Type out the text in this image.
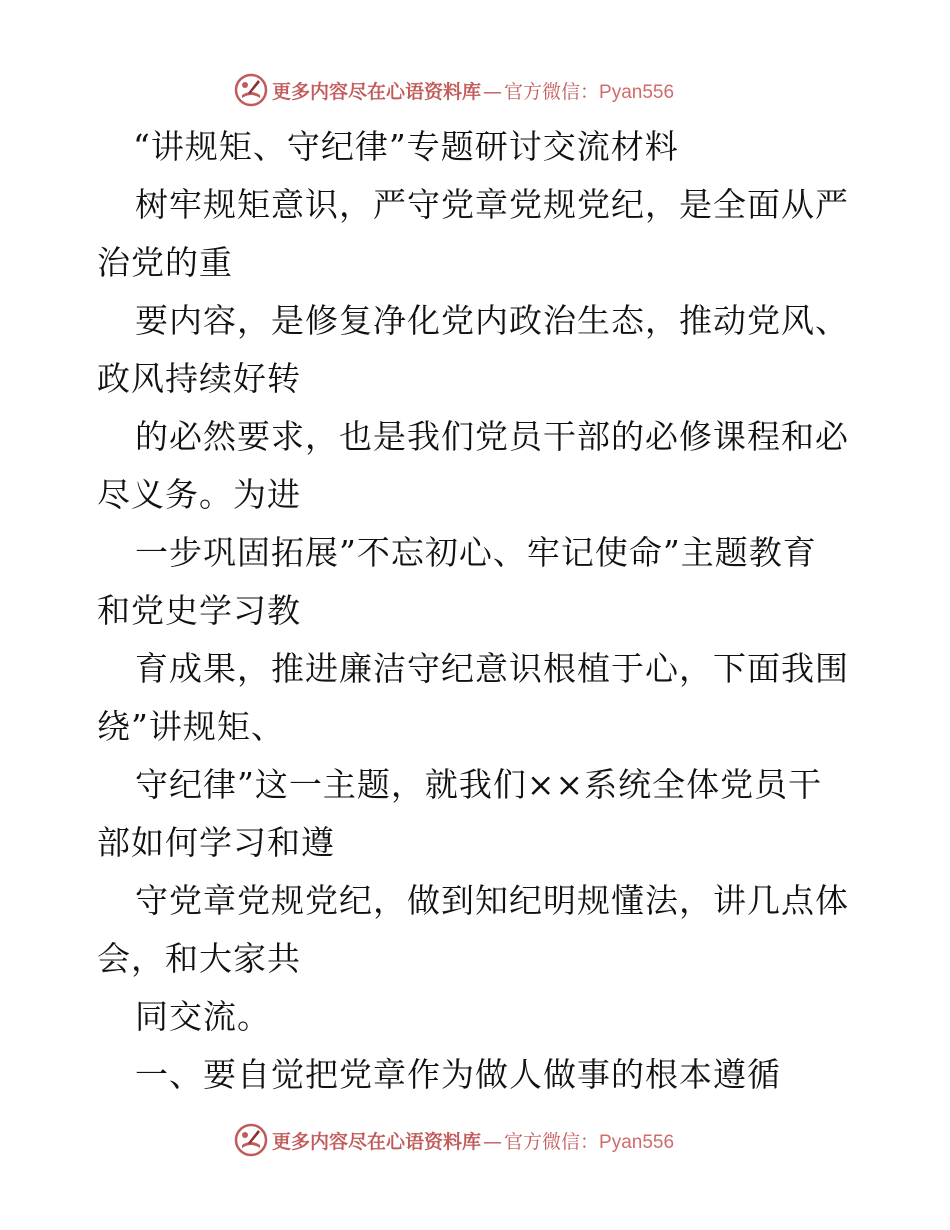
更多内容尽在心语资料库 — 官方微信：Pyan556
“讲规矩、守纪律”专题研讨交流材料
树牢规矩意识，严守党章党规党纪，是全面从严
治党的重
要内容，是修复净化党内政治生态，推动党风、
政风持续好转
的必然要求，也是我们党员干部的必修课程和必
尽义务。为进
一步巩固拓展”不忘初心、牢记使命”主题教育
和党史学习教
育成果，推进廉洁守纪意识根植于心，下面我围
绕”讲规矩、
守纪律”这一主题，就我们××系统全体党员干
部如何学习和遵
守党章党规党纪，做到知纪明规懂法，讲几点体
会，和大家共
同交流。
一、要自觉把党章作为做人做事的根本遵循
更多内容尽在心语资料库 — 官方微信：Pyan556
